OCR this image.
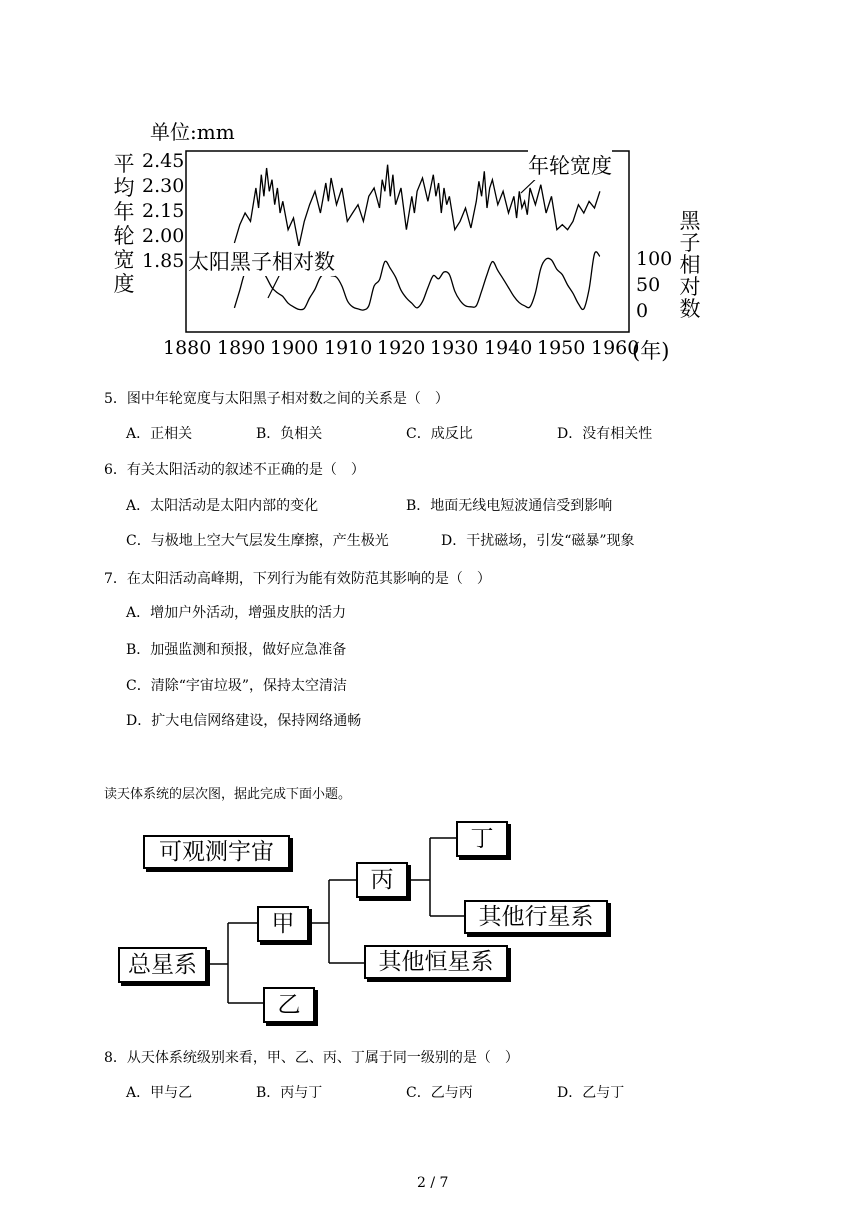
单位:mm
平均年轮宽度
黑子相对数
2.45
2.30
2.15
2.00
1.85	100
50
0
1880 1890 1900 1910 1920 1930 1940 1950 1960
(年)
年轮宽度
太阳黑子相对数
5．图中年轮宽度与太阳黑子相对数之间的关系是（　）
A．正相关	B．负相关	C．成反比	D．没有相关性
6．有关太阳活动的叙述不正确的是（　）
A．太阳活动是太阳内部的变化	B．地面无线电短波通信受到影响
C．与极地上空大气层发生摩擦，产生极光	D．干扰磁场，引发“磁暴”现象
7．在太阳活动高峰期，下列行为能有效防范其影响的是（　）
A．增加户外活动，增强皮肤的活力
B．加强监测和预报，做好应急准备
C．清除“宇宙垃圾”，保持太空清洁
D．扩大电信网络建设，保持网络通畅
读天体系统的层次图，据此完成下面小题。
可观测宇宙
总星系
甲
乙
丙
丁
其他恒星系
其他行星系
8．从天体系统级别来看，甲、乙、丙、丁属于同一级别的是（　）
A．甲与乙	B．丙与丁	C．乙与丙	D．乙与丁
2 / 7
